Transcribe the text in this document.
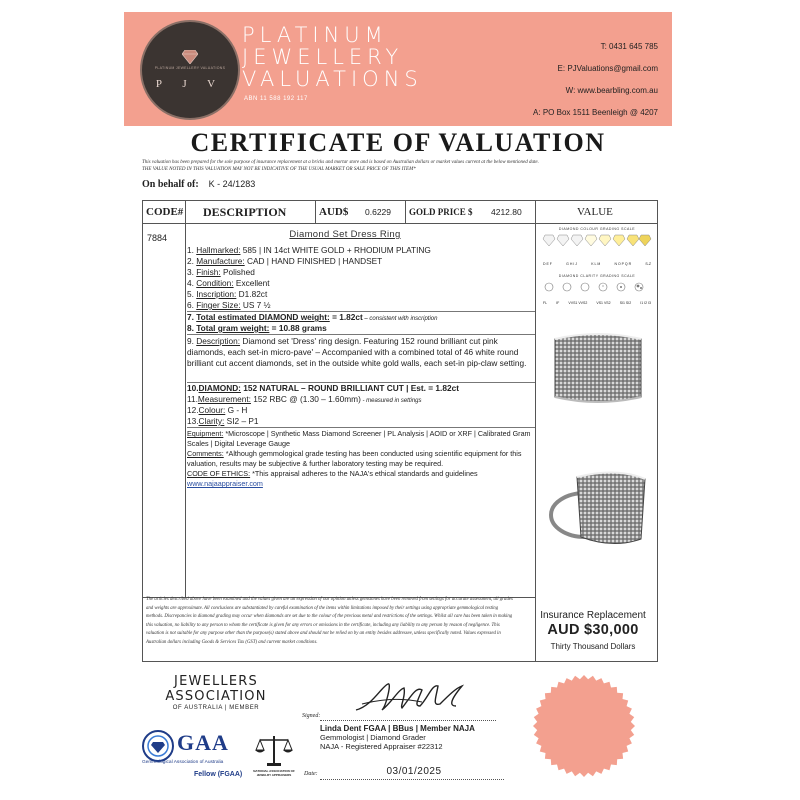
PLATINUM JEWELLERY VALUATIONS
P J V
PLATINUM
JEWELLERY
VALUATIONS
ABN 11 588 192 117
T: 0431 645 785
E: PJValuations@gmail.com
W: www.bearbling.com.au
A: PO Box 1511 Beenleigh @ 4207
CERTIFICATE OF VALUATION
This valuation has been prepared for the sole purpose of insurance replacement at a bricks and mortar store and is based on Australian dollars or market values current at the below mentioned date.
THE VALUE NOTED IN THIS VALUATION MAY NOT BE INDICATIVE OF THE USUAL MARKET OR SALE PRICE OF THIS ITEM*
On behalf of: K - 24/1283
CODE# DESCRIPTION	AUD$ 0.6229 GOLD PRICE $ 4212.80	VALUE
7884	Diamond Set Dress Ring
1. Hallmarked: 585 | IN 14ct WHITE GOLD + RHODIUM PLATING
2. Manufacture: CAD | HAND FINISHED | HANDSET
3. Finish: Polished
4. Condition: Excellent
5. Inscription: D1.82ct
6. Finger Size: US 7 ½
7. Total estimated DIAMOND weight: = 1.82ct – consistent with inscription
8. Total gram weight: = 10.88 grams
9. Description: Diamond set 'Dress' ring design. Featuring 152 round brilliant cut pink diamonds, each set-in micro-pave' – Accompanied with a combined total of 46 white round brilliant cut accent diamonds, set in the outside white gold walls, each set-in pip-claw setting.
10.DIAMOND: 152 NATURAL – ROUND BRILLIANT CUT | Est. = 1.82ct
11.Measurement: 152 RBC @ (1.30 – 1.60mm) - measured in settings
12.Colour: G - H
13.Clarity: SI2 – P1
Equipment: *Microscope | Synthetic Mass Diamond Screener | PL Analysis | AOID or XRF | Calibrated Gram Scales | Digital Leverage Gauge
Comments: *Although gemmological grade testing has been conducted using scientific equipment for this valuation, results may be subjective & further laboratory testing may be required.
CODE OF ETHICS: *This appraisal adheres to the NAJA's ethical standards and guidelines
www.najaappraiser.com
DIAMOND COLOUR GRADING SCALE
D E F	G H I J	K L M	N O P Q R	S-Z
DIAMOND CLARITY GRADING SCALE
FL	IF	VVS1 VVS2	VS1 VS2	SI1 SI2	I1 I2 I3
The articles described above have been examined and the values given are an expression of our opinion unless gemstones have been removed from settings for accurate assessment, all grades and weights are approximate. All conclusions are substantiated by careful examination of the items within limitations imposed by their settings using appropriate gemmological testing methods. Discrepancies in diamond grading may occur when diamonds are set due to the colour of the precious metal and restrictions of the settings. Whilst all care has been taken in making this valuation, no liability to any person to whom the certificate is given for any errors or omissions in the certificate, including any liability to any person by reason of negligence. This valuation is not suitable for any purpose other than the purpose(s) stated above and should not be relied on by an entity besides addressee, unless specifically noted. Values expressed in Australian dollars including Goods & Services Tax (GST) and current market conditions.
Insurance Replacement
AUD $30,000
Thirty Thousand Dollars
JEWELLERS
ASSOCIATION
OF AUSTRALIA | MEMBER
GAA
Gemmological Association of Australia
Fellow (FGAA)	NATIONAL ASSOCIATION OF JEWELRY APPRAISERS
Signed:
Linda Dent FGAA | BBus | Member NAJA
Gemmologist | Diamond Grader
NAJA - Registered Appraiser #22312
Date:	03/01/2025
